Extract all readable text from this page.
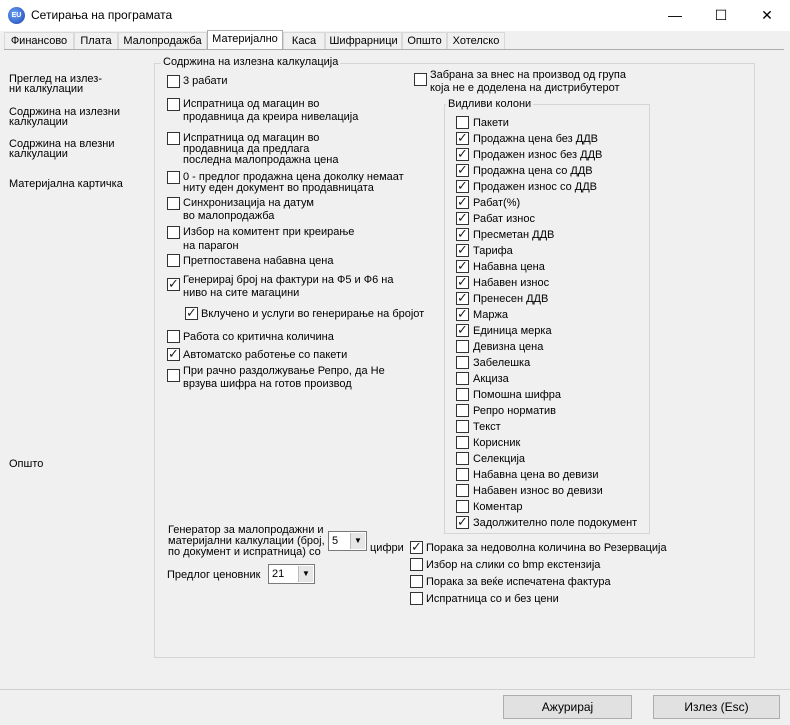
EU Сетирања на програмата	—	☐	✕
Финансово	Плата	Малопродажба Материјално	Каса	Шифрарници Општо Хотелско
Преглед на излез-
ни калкулации
Содржина на излезни
калкулации
Содржина на влезни
калкулации
Материјална картичка
Општо
Содржина на излезна калкулација
3 рабати
Испратница од магацин во
продавница да креира нивелација
Испратница од магацин во
продавница да предлага
последна малопродажна цена
0 - предлог продажна цена доколку немаат
ниту еден документ во продавницата
Синхронизација на датум
во малопродажба
Избор на комитент при креирање
на парагон
Претпоставена набавна цена
✓
Генерирај број на фактури на Ф5 и Ф6 на
ниво на сите магацини
✓
Вклучено и услуги во генерирање на бројот
Работа со критична количина
✓
Автоматско работење со пакети
При рачно раздолжување Репро, да Не
врзува шифра на готов производ
Забрана за внес на производ од група
која не е доделена на дистрибутерот
Видливи колони
Пакети
✓
Продажна цена без ДДВ
✓
Продажен износ без ДДВ
✓
Продажна цена со ДДВ
✓
Продажен износ со ДДВ
✓
Рабат(%)
✓
Рабат износ
✓
Пресметан ДДВ
✓
Тарифа
✓
Набавна цена
✓
Набавен износ
✓
Пренесен ДДВ
✓
Маржа
✓
Единица мерка
Девизна цена
Забелешка
Акциза
Помошна шифра
Репро норматив
Текст
Корисник
Селекција
Набавна цена во девизи
Набавен износ во девизи
Коментар
✓
Задолжително поле подокумент
Генератор за малопродажни и
материјални калкулации (број,
по документ и испратница) со
5	▼
цифри
Предлог ценовник 21	▼
✓
Порака за недоволна количина во Резервација
Избор на слики со bmp екстензија
Порака за веќе испечатена фактура
Испратница со и без цени
Ажурирај	Излез (Esc)
